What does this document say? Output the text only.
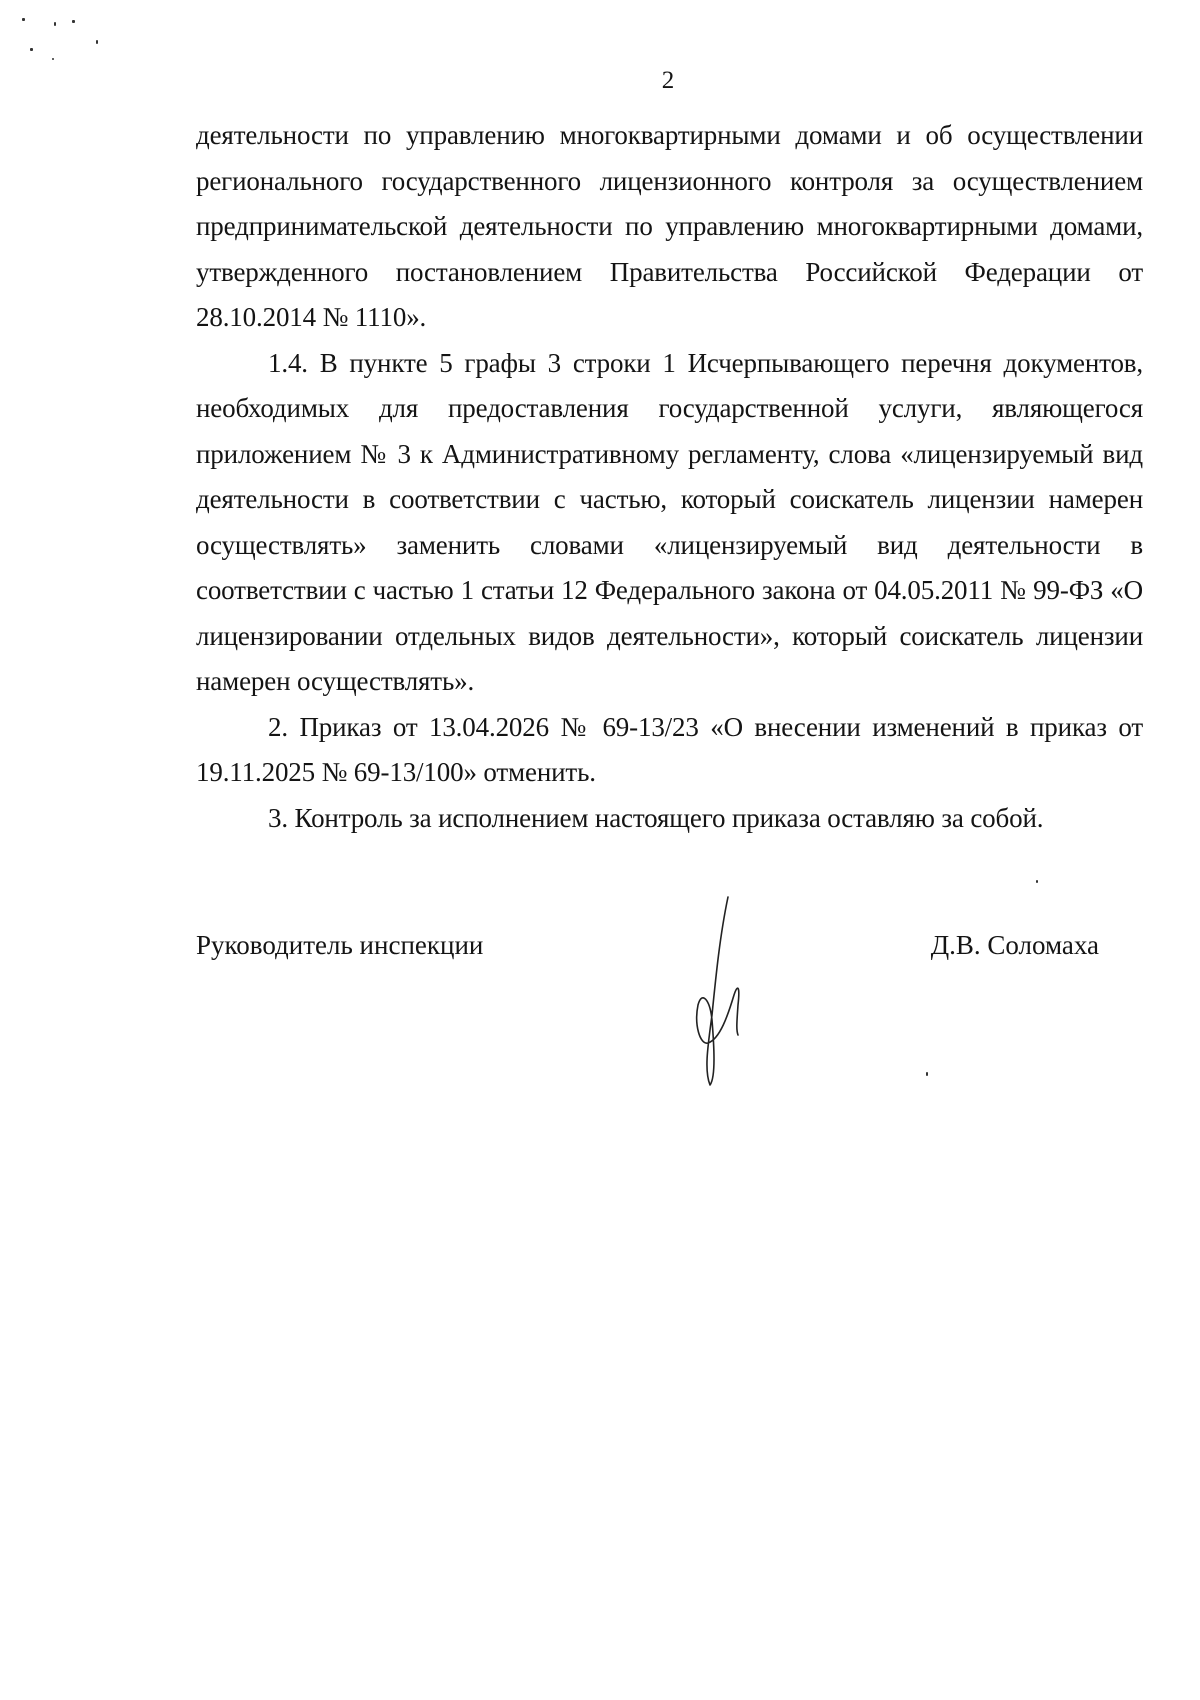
2

деятельности по управлению многоквартирными домами и об осуществлении регионального государственного лицензионного контроля за осуществлением предпринимательской деятельности по управлению многоквартирными домами, утвержденного постановлением Правительства Российской Федерации от 28.10.2014 № 1110».

1.4. В пункте 5 графы 3 строки 1 Исчерпывающего перечня документов, необходимых для предоставления государственной услуги, являющегося приложением № 3 к Административному регламенту, слова «лицензируемый вид деятельности в соответствии с частью, который соискатель лицензии намерен осуществлять» заменить словами «лицензируемый вид деятельности в соответствии с частью 1 статьи 12 Федерального закона от 04.05.2011 № 99-ФЗ «О лицензировании отдельных видов деятельности», который соискатель лицензии намерен осуществлять».

2. Приказ от 13.04.2026 № 69-13/23 «О внесении изменений в приказ от 19.11.2025 № 69-13/100» отменить.

3. Контроль за исполнением настоящего приказа оставляю за собой.

Руководитель инспекции	Д.В. Соломаха
